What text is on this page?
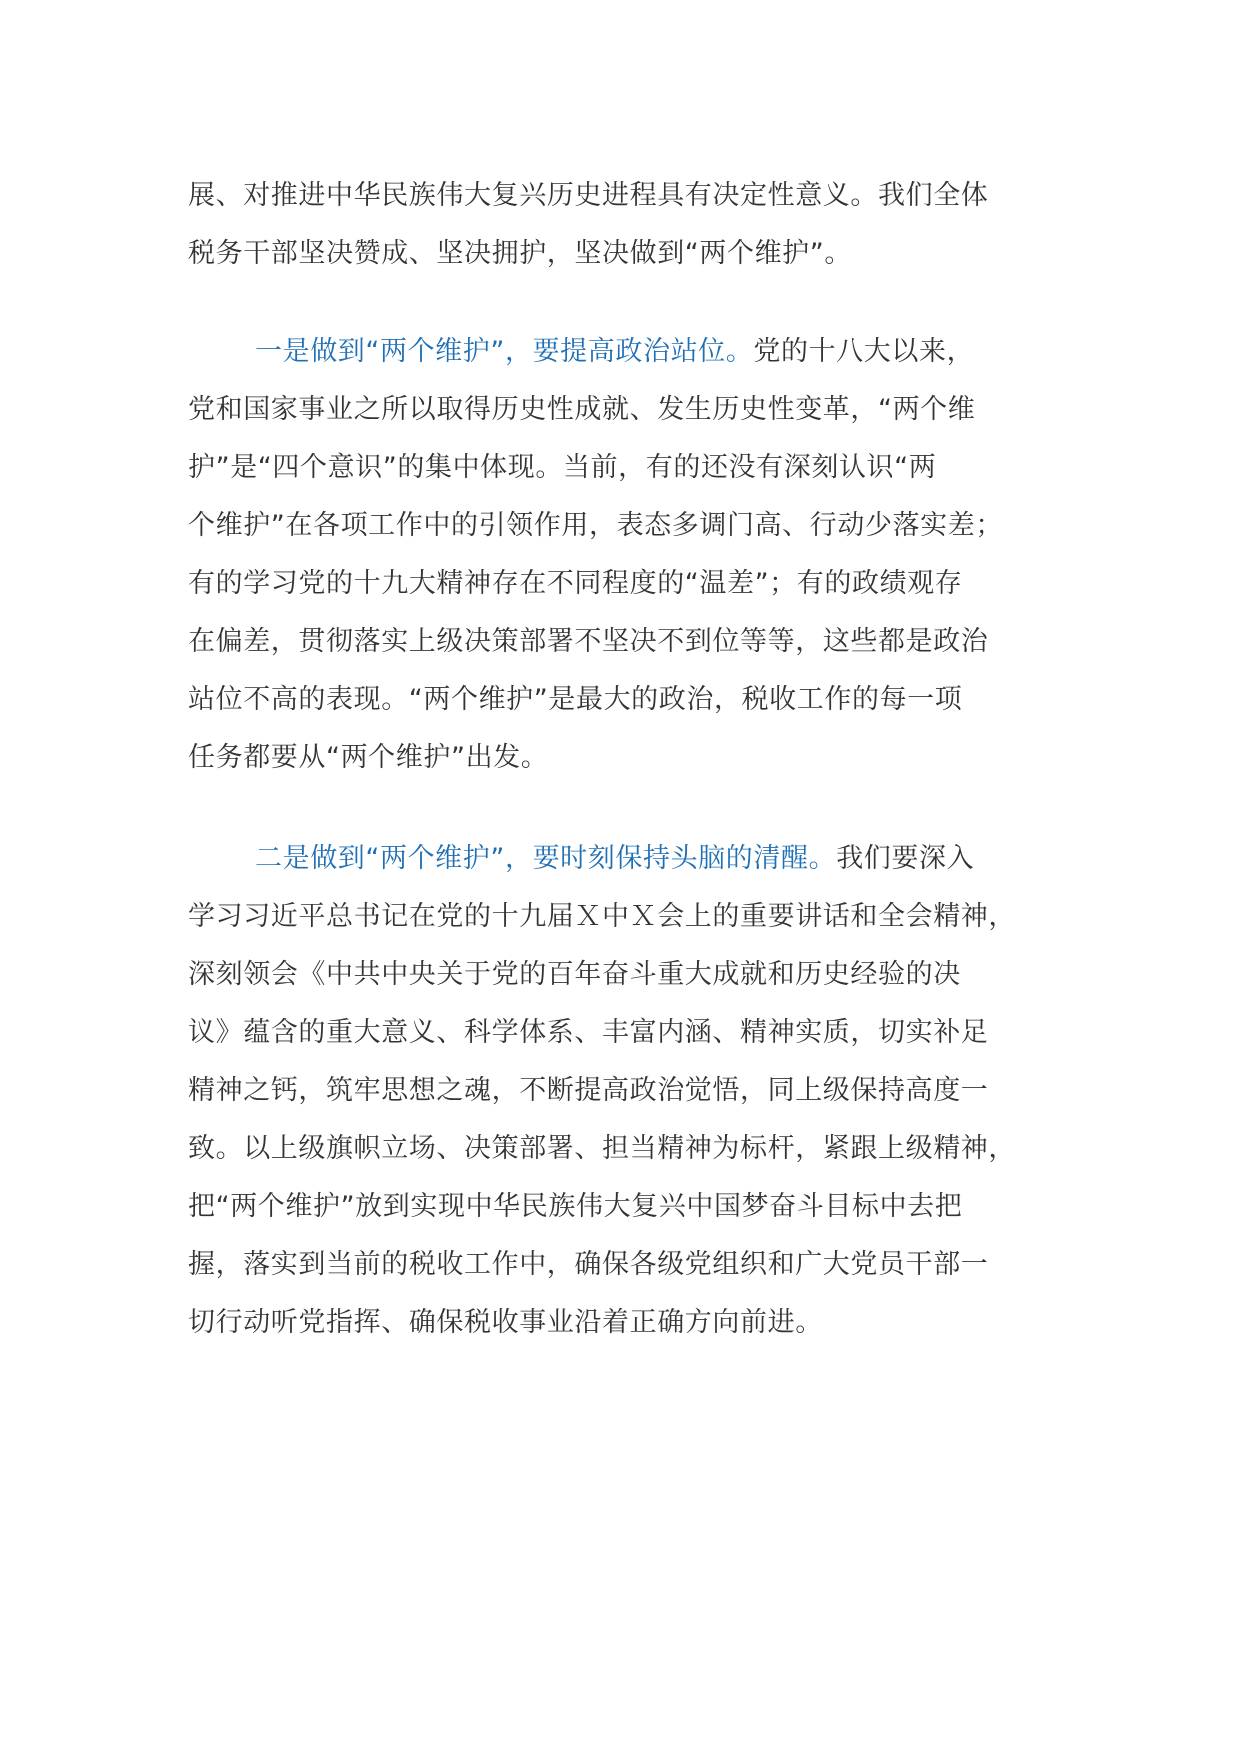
展、对推进中华民族伟大复兴历史进程具有决定性意义。我们全体
税务干部坚决赞成、坚决拥护，坚决做到“两个维护”。
一是做到“两个维护”，要提高政治站位。党的十八大以来，
党和国家事业之所以取得历史性成就、发生历史性变革，“两个维
护”是“四个意识”的集中体现。当前，有的还没有深刻认识“两
个维护”在各项工作中的引领作用，表态多调门高、行动少落实差；
有的学习党的十九大精神存在不同程度的“温差”；有的政绩观存
在偏差，贯彻落实上级决策部署不坚决不到位等等，这些都是政治
站位不高的表现。“两个维护”是最大的政治，税收工作的每一项
任务都要从“两个维护”出发。
二是做到“两个维护”，要时刻保持头脑的清醒。我们要深入
学习习近平总书记在党的十九届Ｘ中Ｘ会上的重要讲话和全会精神，
深刻领会《中共中央关于党的百年奋斗重大成就和历史经验的决
议》蕴含的重大意义、科学体系、丰富内涵、精神实质，切实补足
精神之钙，筑牢思想之魂，不断提高政治觉悟，同上级保持高度一
致。以上级旗帜立场、决策部署、担当精神为标杆，紧跟上级精神，
把“两个维护”放到实现中华民族伟大复兴中国梦奋斗目标中去把
握，落实到当前的税收工作中，确保各级党组织和广大党员干部一
切行动听党指挥、确保税收事业沿着正确方向前进。
